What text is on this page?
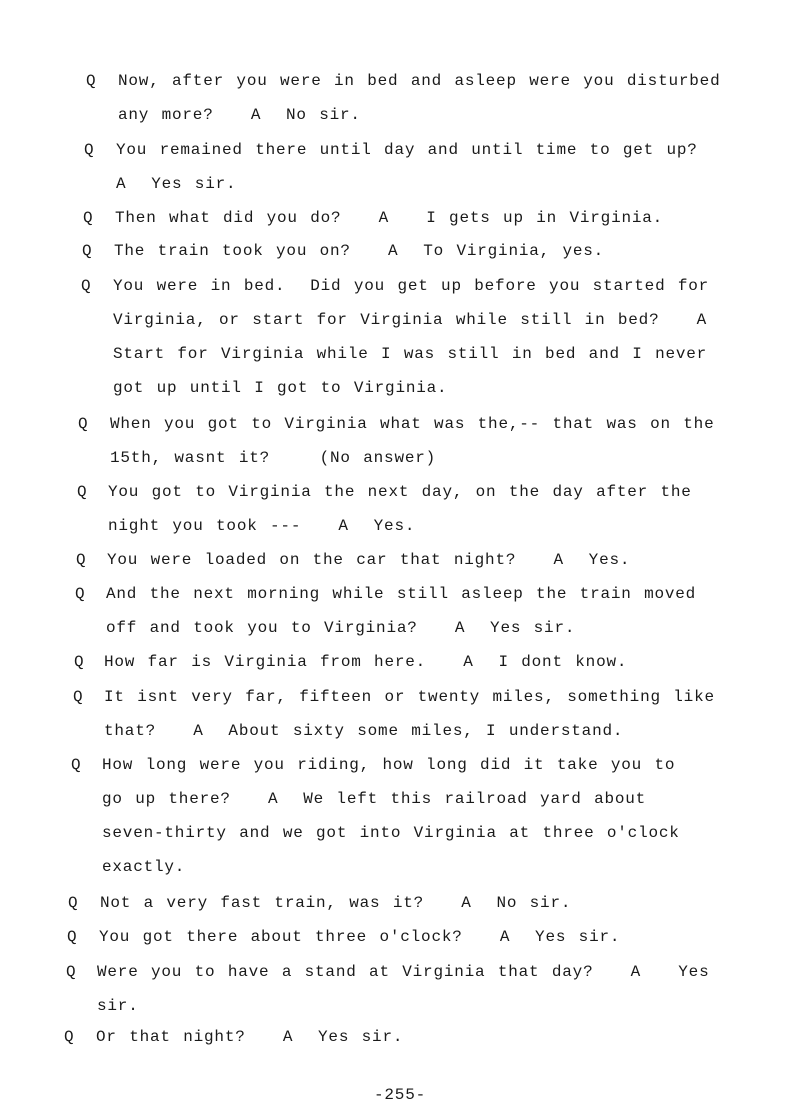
Q Now, after you were in bed and asleep were you disturbed
any more?   A  No sir.

Q You remained there until day and until time to get up?
A  Yes sir.

Q Then what did you do?   A   I gets up in Virginia.

Q The train took you on?   A  To Virginia, yes.

Q You were in bed.  Did you get up before you started for
Virginia, or start for Virginia while still in bed?   A
Start for Virginia while I was still in bed and I never
got up until I got to Virginia.

Q When you got to Virginia what was the,-- that was on the
15th, wasnt it?    (No answer)

Q You got to Virginia the next day, on the day after the
night you took ---   A  Yes.

Q You were loaded on the car that night?   A  Yes.

Q And the next morning while still asleep the train moved
off and took you to Virginia?   A  Yes sir.

Q How far is Virginia from here.   A  I dont know.

Q It isnt very far, fifteen or twenty miles, something like
that?   A  About sixty some miles, I understand.

Q How long were you riding, how long did it take you to
go up there?   A  We left this railroad yard about
seven-thirty and we got into Virginia at three o'clock
exactly.

Q Not a very fast train, was it?   A  No sir.

Q You got there about three o'clock?   A  Yes sir.

Q Were you to have a stand at Virginia that day?   A   Yes
sir.

Q Or that night?   A  Yes sir.

-255-
